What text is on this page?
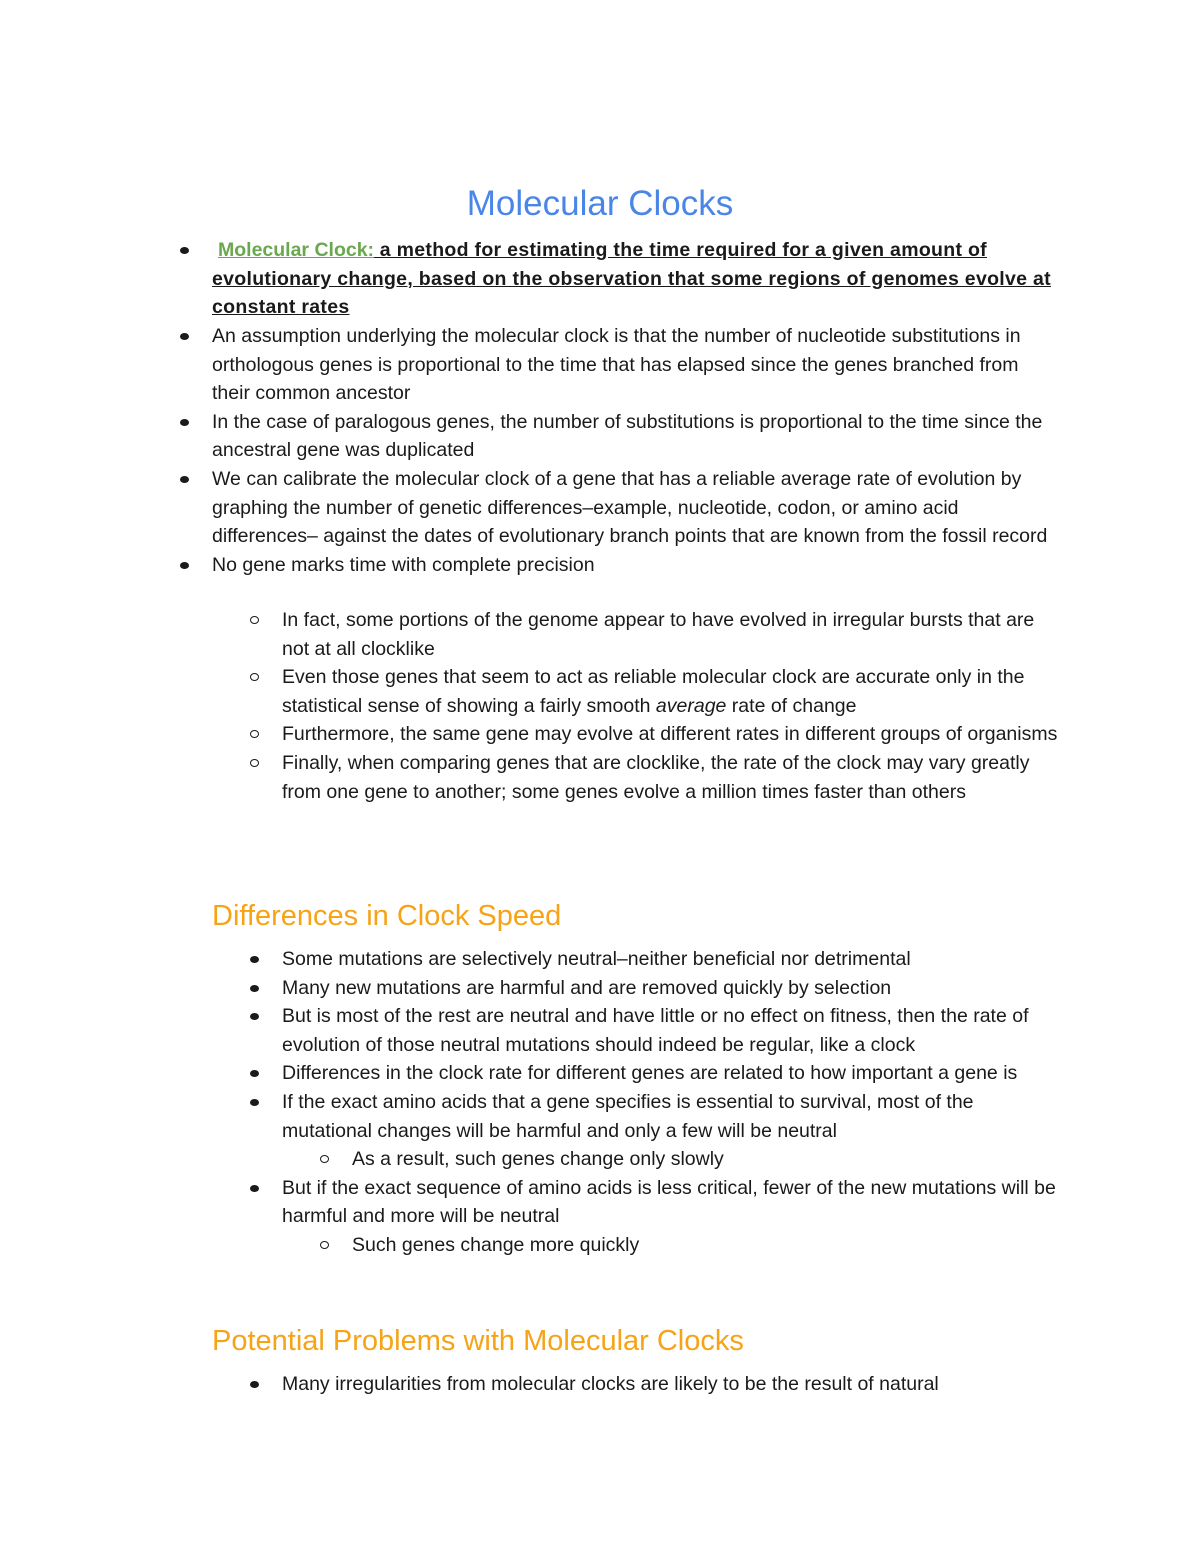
Molecular Clocks
Molecular Clock: a method for estimating the time required for a given amount of evolutionary change, based on the observation that some regions of genomes evolve at constant rates
An assumption underlying the molecular clock is that the number of nucleotide substitutions in orthologous genes is proportional to the time that has elapsed since the genes branched from their common ancestor
In the case of paralogous genes, the number of substitutions is proportional to the time since the ancestral gene was duplicated
We can calibrate the molecular clock of a gene that has a reliable average rate of evolution by graphing the number of genetic differences–example, nucleotide, codon, or amino acid differences– against the dates of evolutionary branch points that are known from the fossil record
No gene marks time with complete precision
In fact, some portions of the genome appear to have evolved in irregular bursts that are not at all clocklike
Even those genes that seem to act as reliable molecular clock are accurate only in the statistical sense of showing a fairly smooth average rate of change
Furthermore, the same gene may evolve at different rates in different groups of organisms
Finally, when comparing genes that are clocklike, the rate of the clock may vary greatly from one gene to another; some genes evolve a million times faster than others
Differences in Clock Speed
Some mutations are selectively neutral–neither beneficial nor detrimental
Many new mutations are harmful and are removed quickly by selection
But is most of the rest are neutral and have little or no effect on fitness, then the rate of evolution of those neutral mutations should indeed be regular, like a clock
Differences in the clock rate for different genes are related to how important a gene is
If the exact amino acids that a gene specifies is essential to survival, most of the mutational changes will be harmful and only a few will be neutral
As a result, such genes change only slowly
But if the exact sequence of amino acids is less critical, fewer of the new mutations will be harmful and more will be neutral
Such genes change more quickly
Potential Problems with Molecular Clocks
Many irregularities from molecular clocks are likely to be the result of natural
